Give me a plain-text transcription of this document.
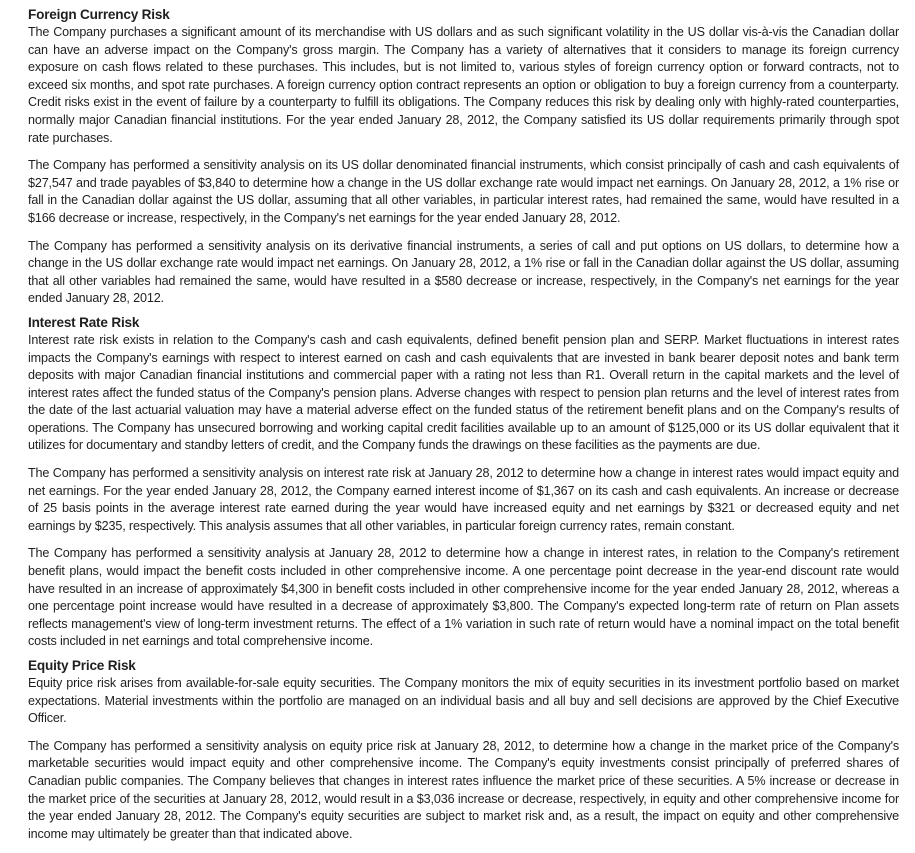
Foreign Currency Risk

The Company purchases a significant amount of its merchandise with US dollars and as such significant volatility in the US dollar vis-à-vis the Canadian dollar can have an adverse impact on the Company's gross margin. The Company has a variety of alternatives that it considers to manage its foreign currency exposure on cash flows related to these purchases. This includes, but is not limited to, various styles of foreign currency option or forward contracts, not to exceed six months, and spot rate purchases. A foreign currency option contract represents an option or obligation to buy a foreign currency from a counterparty. Credit risks exist in the event of failure by a counterparty to fulfill its obligations. The Company reduces this risk by dealing only with highly-rated counterparties, normally major Canadian financial institutions. For the year ended January 28, 2012, the Company satisfied its US dollar requirements primarily through spot rate purchases.

The Company has performed a sensitivity analysis on its US dollar denominated financial instruments, which consist principally of cash and cash equivalents of $27,547 and trade payables of $3,840 to determine how a change in the US dollar exchange rate would impact net earnings. On January 28, 2012, a 1% rise or fall in the Canadian dollar against the US dollar, assuming that all other variables, in particular interest rates, had remained the same, would have resulted in a $166 decrease or increase, respectively, in the Company's net earnings for the year ended January 28, 2012.

The Company has performed a sensitivity analysis on its derivative financial instruments, a series of call and put options on US dollars, to determine how a change in the US dollar exchange rate would impact net earnings. On January 28, 2012, a 1% rise or fall in the Canadian dollar against the US dollar, assuming that all other variables had remained the same, would have resulted in a $580 decrease or increase, respectively, in the Company's net earnings for the year ended January 28, 2012.

Interest Rate Risk

Interest rate risk exists in relation to the Company's cash and cash equivalents, defined benefit pension plan and SERP. Market fluctuations in interest rates impacts the Company's earnings with respect to interest earned on cash and cash equivalents that are invested in bank bearer deposit notes and bank term deposits with major Canadian financial institutions and commercial paper with a rating not less than R1. Overall return in the capital markets and the level of interest rates affect the funded status of the Company's pension plans. Adverse changes with respect to pension plan returns and the level of interest rates from the date of the last actuarial valuation may have a material adverse effect on the funded status of the retirement benefit plans and on the Company's results of operations. The Company has unsecured borrowing and working capital credit facilities available up to an amount of $125,000 or its US dollar equivalent that it utilizes for documentary and standby letters of credit, and the Company funds the drawings on these facilities as the payments are due.

The Company has performed a sensitivity analysis on interest rate risk at January 28, 2012 to determine how a change in interest rates would impact equity and net earnings. For the year ended January 28, 2012, the Company earned interest income of $1,367 on its cash and cash equivalents. An increase or decrease of 25 basis points in the average interest rate earned during the year would have increased equity and net earnings by $321 or decreased equity and net earnings by $235, respectively. This analysis assumes that all other variables, in particular foreign currency rates, remain constant.

The Company has performed a sensitivity analysis at January 28, 2012 to determine how a change in interest rates, in relation to the Company's retirement benefit plans, would impact the benefit costs included in other comprehensive income. A one percentage point decrease in the year-end discount rate would have resulted in an increase of approximately $4,300 in benefit costs included in other comprehensive income for the year ended January 28, 2012, whereas a one percentage point increase would have resulted in a decrease of approximately $3,800. The Company's expected long-term rate of return on Plan assets reflects management's view of long-term investment returns. The effect of a 1% variation in such rate of return would have a nominal impact on the total benefit costs included in net earnings and total comprehensive income.

Equity Price Risk

Equity price risk arises from available-for-sale equity securities. The Company monitors the mix of equity securities in its investment portfolio based on market expectations. Material investments within the portfolio are managed on an individual basis and all buy and sell decisions are approved by the Chief Executive Officer.

The Company has performed a sensitivity analysis on equity price risk at January 28, 2012, to determine how a change in the market price of the Company's marketable securities would impact equity and other comprehensive income. The Company's equity investments consist principally of preferred shares of Canadian public companies. The Company believes that changes in interest rates influence the market price of these securities. A 5% increase or decrease in the market price of the securities at January 28, 2012, would result in a $3,036 increase or decrease, respectively, in equity and other comprehensive income for the year ended January 28, 2012. The Company's equity securities are subject to market risk and, as a result, the impact on equity and other comprehensive income may ultimately be greater than that indicated above.
